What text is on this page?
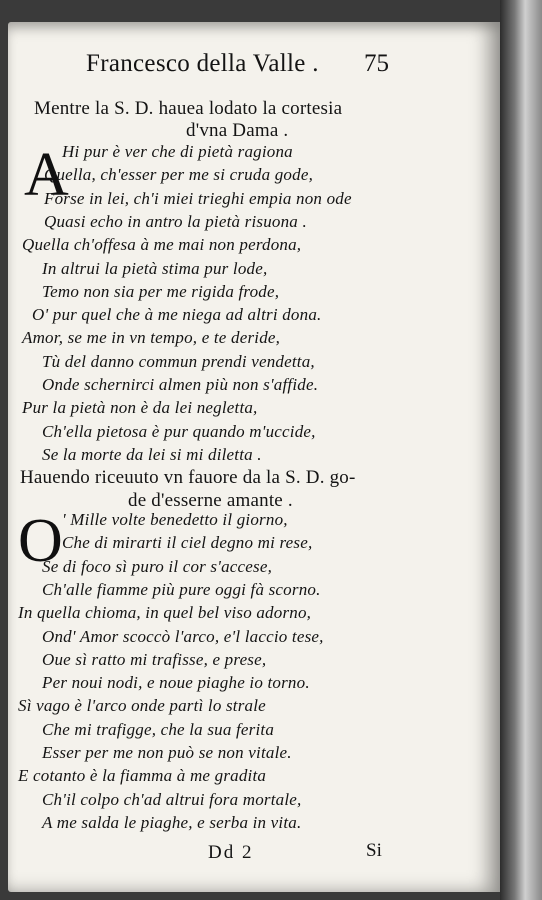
Francesco della Valle .	75
Mentre la S. D. hauea lodato la cortesia
d'vna Dama .
A
Hi pur è ver che di pietà ragiona
Quella, ch'esser per me si cruda gode,
Forse in lei, ch'i miei trieghi empia non ode
Quasi echo in antro la pietà risuona .
Quella ch'offesa à me mai non perdona,
In altrui la pietà stima pur lode,
Temo non sia per me rigida frode,
O' pur quel che à me niega ad altri dona.
Amor, se me in vn tempo, e te deride,
Tù del danno commun prendi vendetta,
Onde schernirci almen più non s'affide.
Pur la pietà non è da lei negletta,
Ch'ella pietosa è pur quando m'uccide,
Se la morte da lei si mi diletta .
Hauendo riceuuto vn fauore da la S. D. go-
de d'esserne amante .
O ' Mille volte benedetto il giorno,
Che di mirarti il ciel degno mi rese,
Se di foco sì puro il cor s'accese,
Ch'alle fiamme più pure oggi fà scorno.
In quella chioma, in quel bel viso adorno,
Ond' Amor scoccò l'arco, e'l laccio tese,
Oue sì ratto mi trafisse, e prese,
Per noui nodi, e noue piaghe io torno.
Sì vago è l'arco onde partì lo strale
Che mi trafigge, che la sua ferita
Esser per me non può se non vitale.
E cotanto è la fiamma à me gradita
Ch'il colpo ch'ad altrui fora mortale,
A me salda le piaghe, e serba in vita.
Dd 2	Si
